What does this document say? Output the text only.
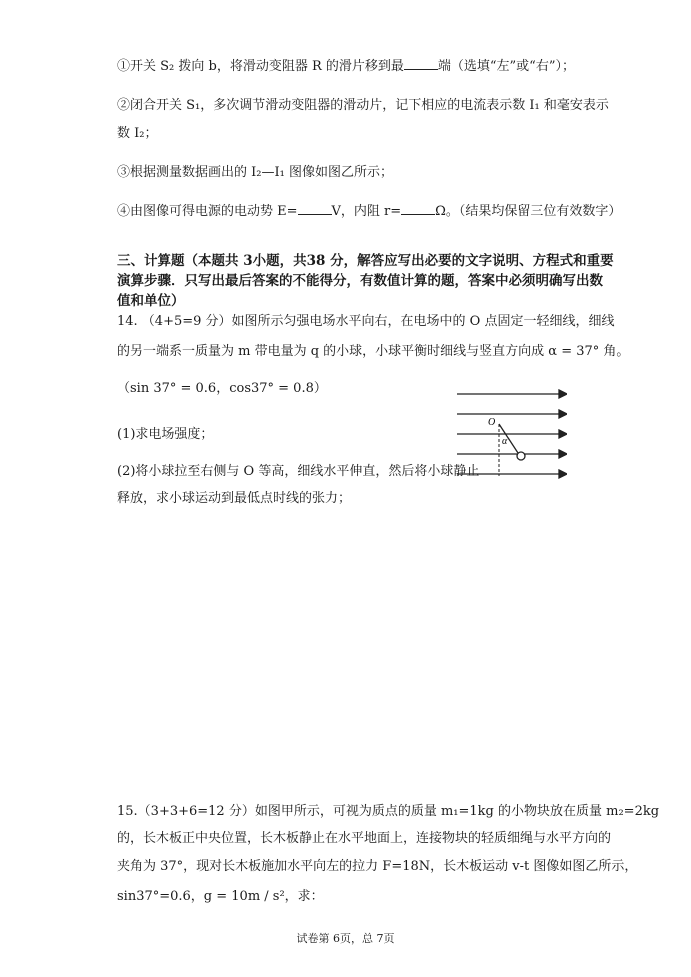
①开关 S₂ 拨向 b，将滑动变阻器 R 的滑片移到最	端（选填“左”或“右”）；
②闭合开关 S₁，多次调节滑动变阻器的滑动片，记下相应的电流表示数 I₁ 和毫安表示
数 I₂；
③根据测量数据画出的 I₂—I₁ 图像如图乙所示；
④由图像可得电源的电动势 E=	V，内阻 r=	Ω。（结果均保留三位有效数字）
三、计算题（本题共 3小题，共38 分，解答应写出必要的文字说明、方程式和重要
演算步骤．只写出最后答案的不能得分，有数值计算的题，答案中必须明确写出数
值和单位）
14. （4+5=9 分）如图所示匀强电场水平向右，在电场中的 O 点固定一轻细线，细线
的另一端系一质量为 m 带电量为 q 的小球，小球平衡时细线与竖直方向成 α = 37° 角。
（sin 37° = 0.6，cos37° = 0.8）
(1)求电场强度；
(2)将小球拉至右侧与 O 等高，细线水平伸直，然后将小球静止
释放，求小球运动到最低点时线的张力；
O
α
15.（3+3+6=12 分）如图甲所示，可视为质点的质量 m₁=1kg 的小物块放在质量 m₂=2kg
的，长木板正中央位置，长木板静止在水平地面上，连接物块的轻质细绳与水平方向的
夹角为 37°，现对长木板施加水平向左的拉力 F=18N，长木板运动 v-t 图像如图乙所示，
sin37°=0.6，g = 10m / s²，求：
试卷第 6页，总 7页
